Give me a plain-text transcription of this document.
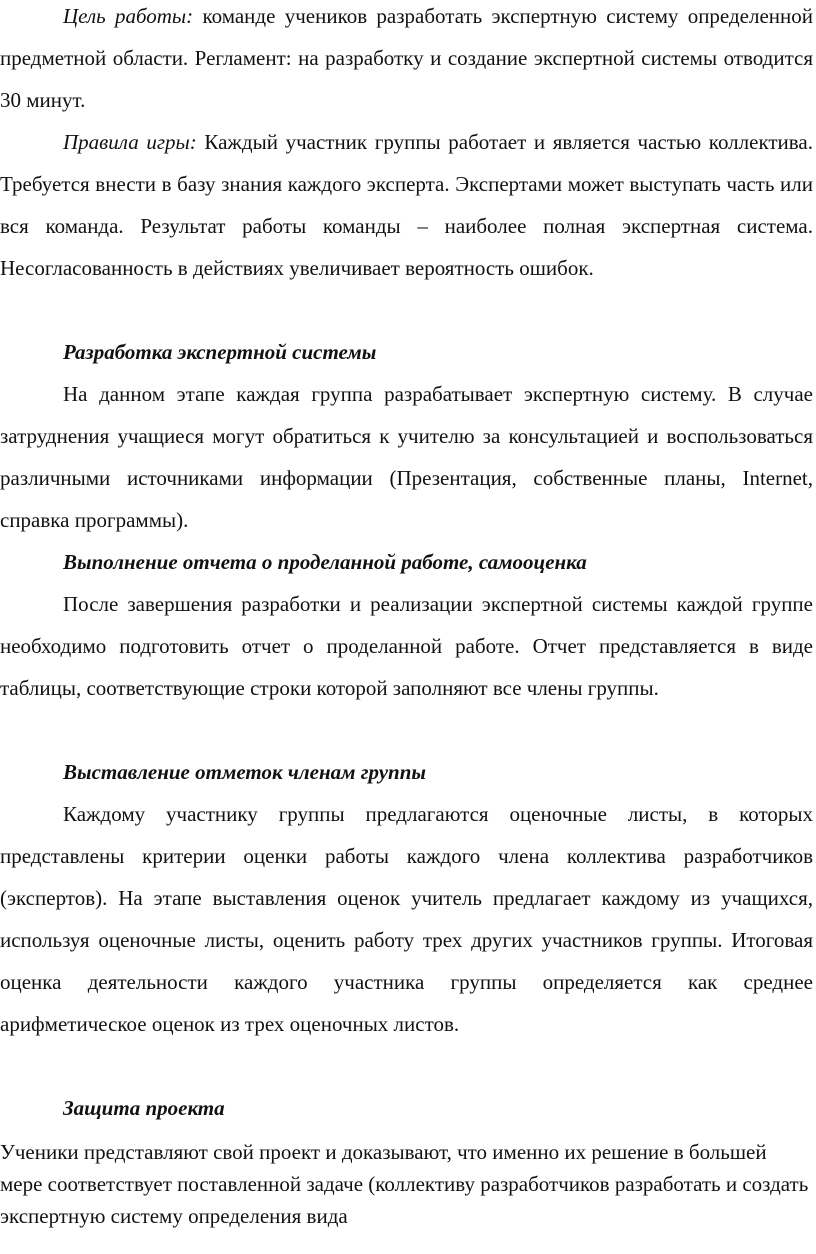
Цель работы: команде учеников разработать экспертную систему определенной предметной области. Регламент: на разработку и создание экспертной системы отводится 30 минут.

Правила игры: Каждый участник группы работает и является частью коллектива. Требуется внести в базу знания каждого эксперта. Экспертами может выступать часть или вся команда. Результат работы команды – наиболее полная экспертная система. Несогласованность в действиях увеличивает вероятность ошибок.

Разработка экспертной системы

На данном этапе каждая группа разрабатывает экспертную систему. В случае затруднения учащиеся могут обратиться к учителю за консультацией и воспользоваться различными источниками информации (Презентация, собственные планы, Internet, справка программы).

Выполнение отчета о проделанной работе, самооценка

После завершения разработки и реализации экспертной системы каждой группе необходимо подготовить отчет о проделанной работе. Отчет представляется в виде таблицы, соответствующие строки которой заполняют все члены группы.

Выставление отметок членам группы

Каждому участнику группы предлагаются оценочные листы, в которых представлены критерии оценки работы каждого члена коллектива разработчиков (экспертов). На этапе выставления оценок учитель предлагает каждому из учащихся, используя оценочные листы, оценить работу трех других участников группы. Итоговая оценка деятельности каждого участника группы определяется как среднее арифметическое оценок из трех оценочных листов.

Защита проекта

Ученики представляют свой проект и доказывают, что именно их решение в большей мере соответствует поставленной задаче (коллективу разработчиков разработать и создать экспертную систему определения вида
